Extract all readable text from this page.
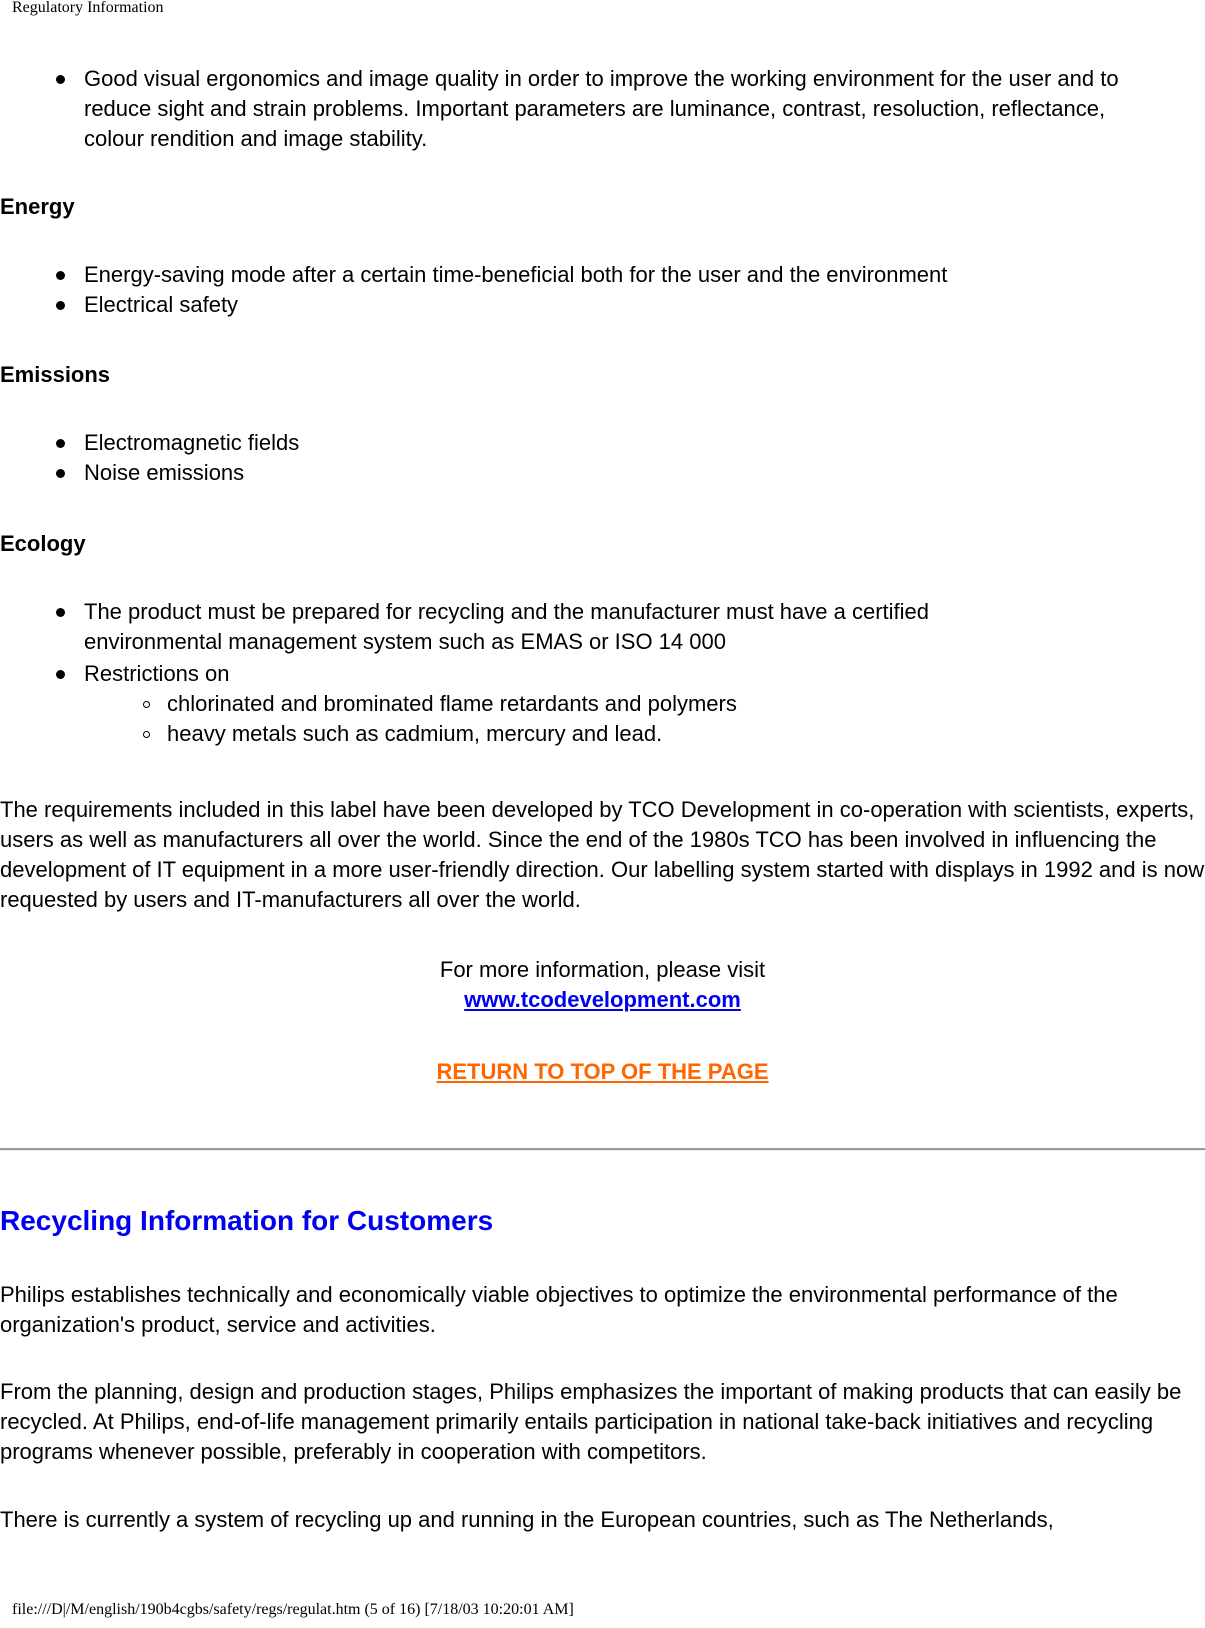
Regulatory Information
Good visual ergonomics and image quality in order to improve the working environment for the user and to reduce sight and strain problems. Important parameters are luminance, contrast, resoluction, reflectance, colour rendition and image stability.
Energy
Energy-saving mode after a certain time-beneficial both for the user and the environment
Electrical safety
Emissions
Electromagnetic fields
Noise emissions
Ecology
The product must be prepared for recycling and the manufacturer must have a certified environmental management system such as EMAS or ISO 14 000
Restrictions on
chlorinated and brominated flame retardants and polymers
heavy metals such as cadmium, mercury and lead.
The requirements included in this label have been developed by TCO Development in co-operation with scientists, experts, users as well as manufacturers all over the world. Since the end of the 1980s TCO has been involved in influencing the development of IT equipment in a more user-friendly direction. Our labelling system started with displays in 1992 and is now requested by users and IT-manufacturers all over the world.
For more information, please visit
www.tcodevelopment.com
RETURN TO TOP OF THE PAGE
Recycling Information for Customers
Philips establishes technically and economically viable objectives to optimize the environmental performance of the organization's product, service and activities.
From the planning, design and production stages, Philips emphasizes the important of making products that can easily be recycled. At Philips, end-of-life management primarily entails participation in national take-back initiatives and recycling programs whenever possible, preferably in cooperation with competitors.
There is currently a system of recycling up and running in the European countries, such as The Netherlands,
file:///D|/M/english/190b4cgbs/safety/regs/regulat.htm (5 of 16) [7/18/03 10:20:01 AM]
